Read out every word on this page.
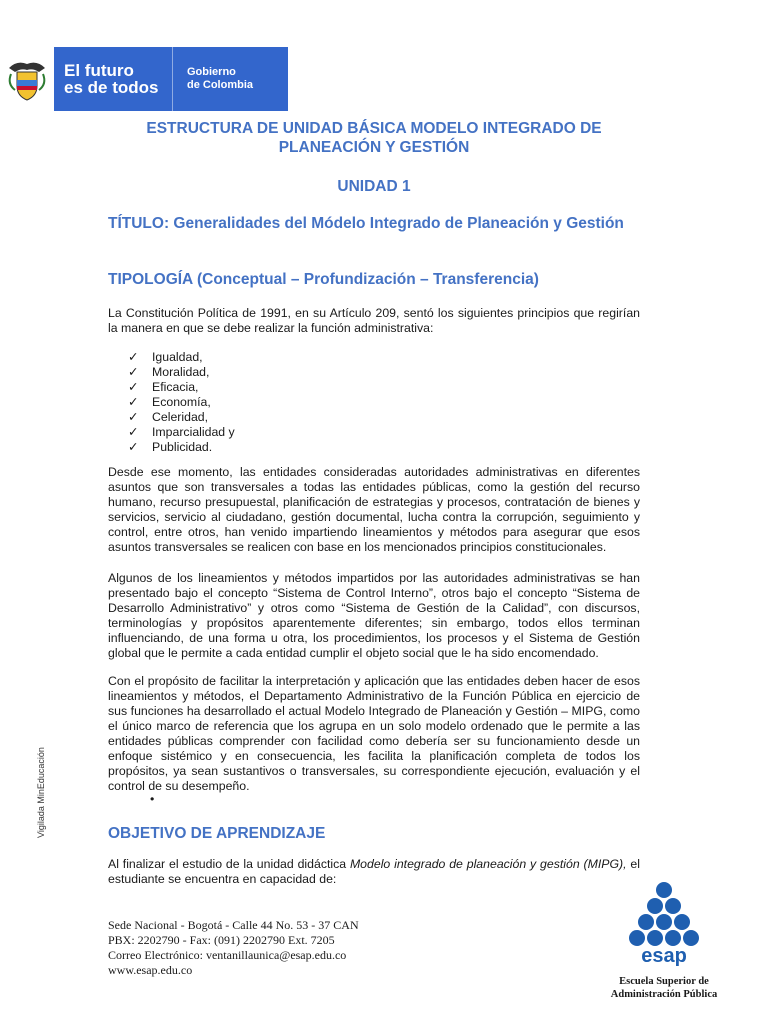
El futuro
es de todos
Gobierno
de Colombia

ESTRUCTURA DE UNIDAD BÁSICA MODELO INTEGRADO DE

PLANEACIÓN Y GESTIÓN

UNIDAD 1

TÍTULO: Generalidades del Módelo Integrado de Planeación y Gestión

TIPOLOGÍA (Conceptual – Profundización – Transferencia)

La Constitución Política de 1991, en su Artículo 209, sentó los siguientes principios que regirían la manera en que se debe realizar la función administrativa:

✓ Igualdad,
✓ Moralidad,
✓ Eficacia,
✓ Economía,
✓ Celeridad,
✓ Imparcialidad y
✓ Publicidad.

Desde ese momento, las entidades consideradas autoridades administrativas en diferentes asuntos que son transversales a todas las entidades públicas, como la gestión del recurso humano, recurso presupuestal, planificación de estrategias y procesos, contratación de bienes y servicios, servicio al ciudadano, gestión documental, lucha contra la corrupción, seguimiento y control, entre otros, han venido impartiendo lineamientos y métodos para asegurar que esos asuntos transversales se realicen con base en los mencionados principios constitucionales.

Algunos de los lineamientos y métodos impartidos por las autoridades administrativas se han presentado bajo el concepto “Sistema de Control Interno”, otros bajo el concepto “Sistema de Desarrollo Administrativo” y otros como “Sistema de Gestión de la Calidad”, con discursos, terminologías y propósitos aparentemente diferentes; sin embargo, todos ellos terminan influenciando, de una forma u otra, los procedimientos, los procesos y el Sistema de Gestión global que le permite a cada entidad cumplir el objeto social que le ha sido encomendado.

Con el propósito de facilitar la interpretación y aplicación que las entidades deben hacer de esos lineamientos y métodos, el Departamento Administrativo de la Función Pública en ejercicio de sus funciones ha desarrollado el actual Modelo Integrado de Planeación y Gestión – MIPG, como el único marco de referencia que los agrupa en un solo modelo ordenado que le permite a las entidades públicas comprender con facilidad como debería ser su funcionamiento desde un enfoque sistémico y en consecuencia, les facilita la planificación completa de todos los propósitos, ya sean sustantivos o transversales, su correspondiente ejecución, evaluación y el control de su desempeño.

•

OBJETIVO DE APRENDIZAJE

Al finalizar el estudio de la unidad didáctica Modelo integrado de planeación y gestión (MIPG), el estudiante se encuentra en capacidad de:

Vigilada MinEducación
Sede Nacional - Bogotá - Calle 44 No. 53 - 37 CAN
PBX: 2202790 - Fax: (091) 2202790 Ext. 7205
Correo Electrónico: ventanillaunica@esap.edu.co
www.esap.edu.co
esap
Escuela Superior de
Administración Pública
